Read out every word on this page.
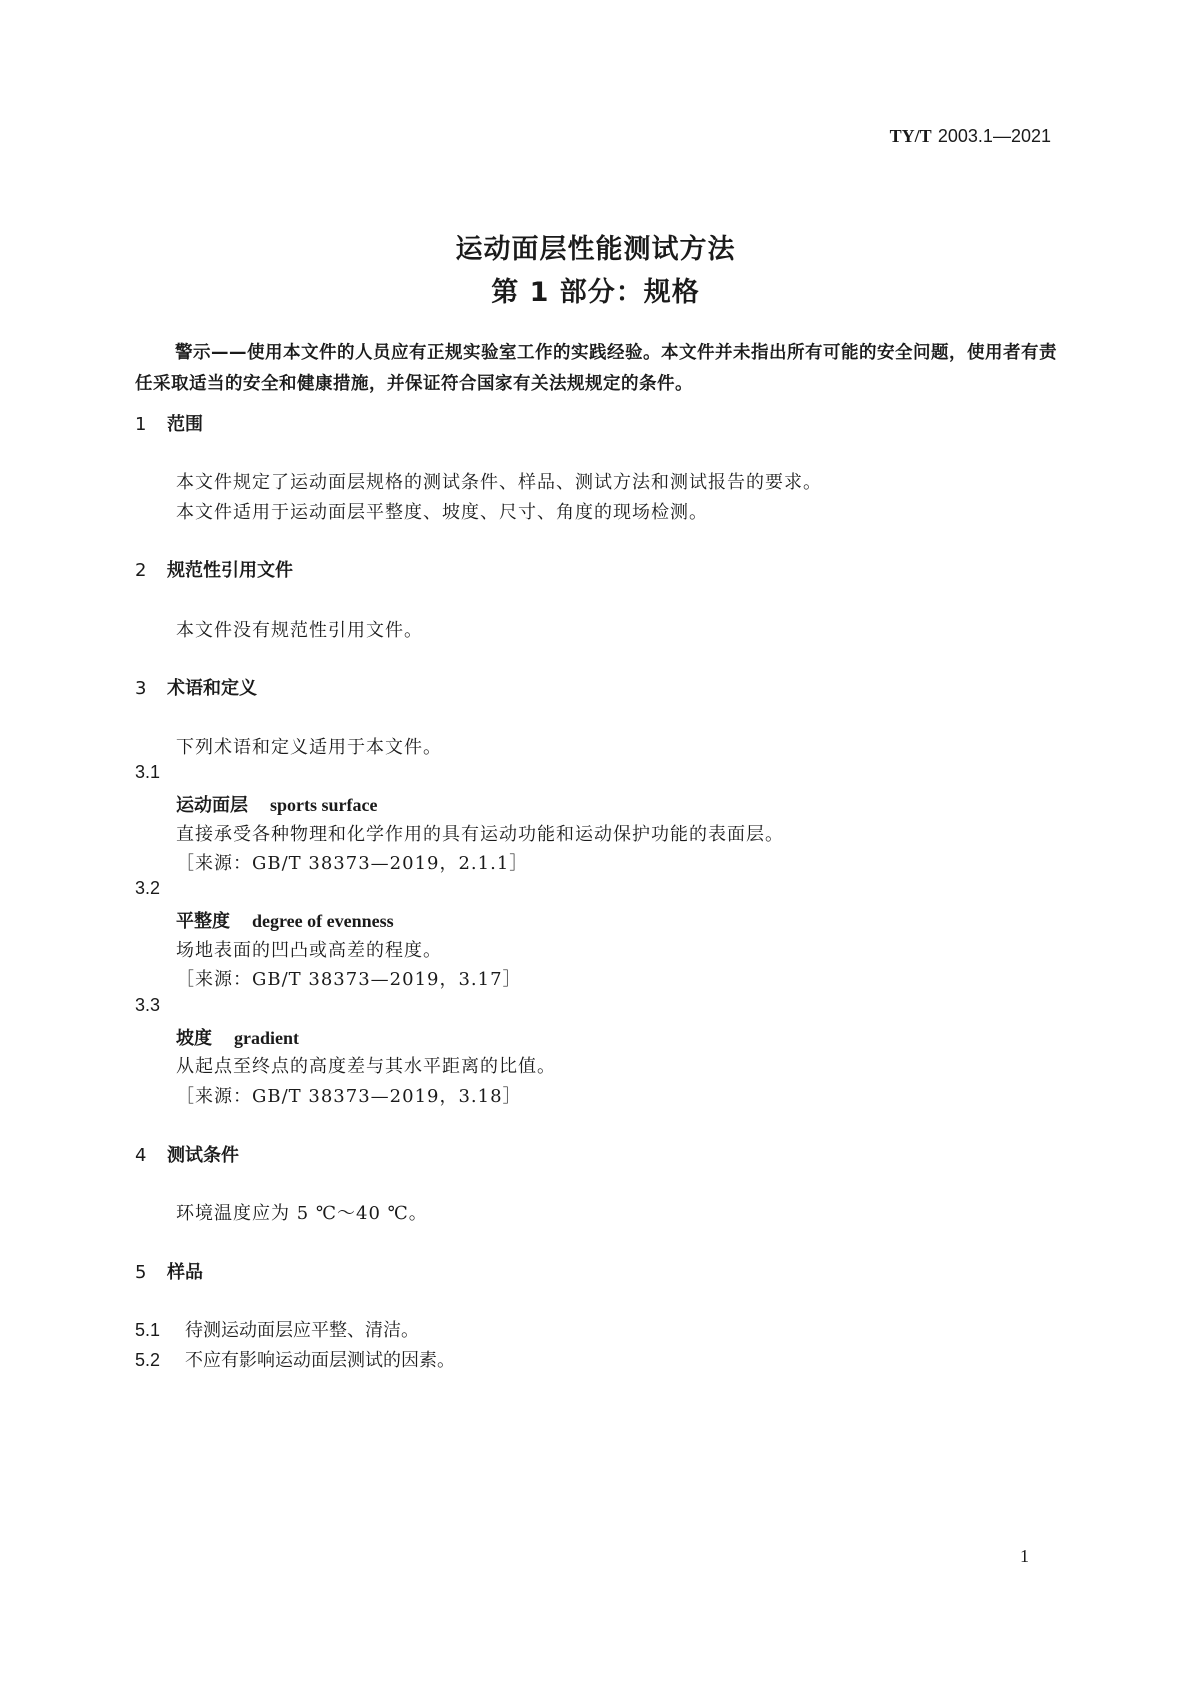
TY/T 2003.1—2021
运动面层性能测试方法
第 1 部分：规格
警示——使用本文件的人员应有正规实验室工作的实践经验。本文件并未指出所有可能的安全问题，使用者有责任采取适当的安全和健康措施，并保证符合国家有关法规规定的条件。
1 范围
本文件规定了运动面层规格的测试条件、样品、测试方法和测试报告的要求。
本文件适用于运动面层平整度、坡度、尺寸、角度的现场检测。
2 规范性引用文件
本文件没有规范性引用文件。
3 术语和定义
下列术语和定义适用于本文件。
3.1
运动面层 sports surface
直接承受各种物理和化学作用的具有运动功能和运动保护功能的表面层。
［来源：GB/T 38373—2019，2.1.1］
3.2
平整度 degree of evenness
场地表面的凹凸或高差的程度。
［来源：GB/T 38373—2019，3.17］
3.3
坡度 gradient
从起点至终点的高度差与其水平距离的比值。
［来源：GB/T 38373—2019，3.18］
4 测试条件
环境温度应为 5 ℃～40 ℃。
5 样品
5.1 待测运动面层应平整、清洁。
5.2 不应有影响运动面层测试的因素。
1
